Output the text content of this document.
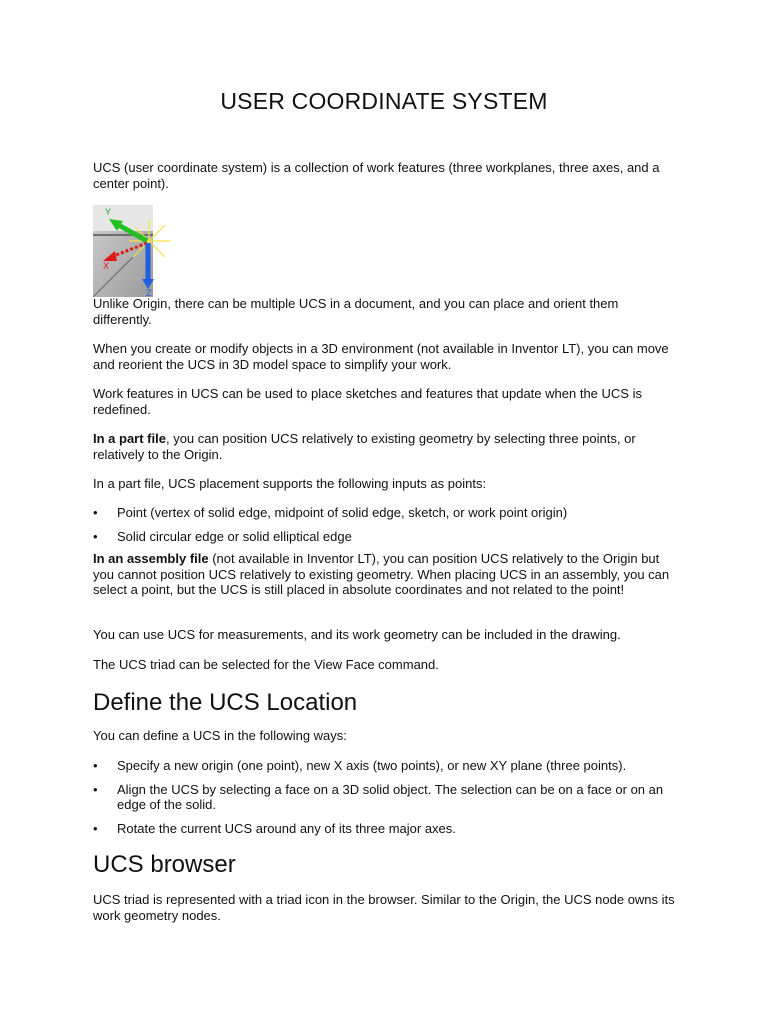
USER COORDINATE SYSTEM

UCS (user coordinate system) is a collection of work features (three workplanes, three axes, and a center point).

Y
X
Z

Unlike Origin, there can be multiple UCS in a document, and you can place and orient them differently.

When you create or modify objects in a 3D environment (not available in Inventor LT), you can move and reorient the UCS in 3D model space to simplify your work.

Work features in UCS can be used to place sketches and features that update when the UCS is redefined.

In a part file, you can position UCS relatively to existing geometry by selecting three points, or relatively to the Origin.

In a part file, UCS placement supports the following inputs as points:

• Point (vertex of solid edge, midpoint of solid edge, sketch, or work point origin)
• Solid circular edge or solid elliptical edge

In an assembly file (not available in Inventor LT), you can position UCS relatively to the Origin but you cannot position UCS relatively to existing geometry. When placing UCS in an assembly, you can select a point, but the UCS is still placed in absolute coordinates and not related to the point!

You can use UCS for measurements, and its work geometry can be included in the drawing.

The UCS triad can be selected for the View Face command.

Define the UCS Location

You can define a UCS in the following ways:

• Specify a new origin (one point), new X axis (two points), or new XY plane (three points).
• Align the UCS by selecting a face on a 3D solid object. The selection can be on a face or on an edge of the solid.
• Rotate the current UCS around any of its three major axes.
UCS browser

UCS triad is represented with a triad icon in the browser. Similar to the Origin, the UCS node owns its work geometry nodes.
